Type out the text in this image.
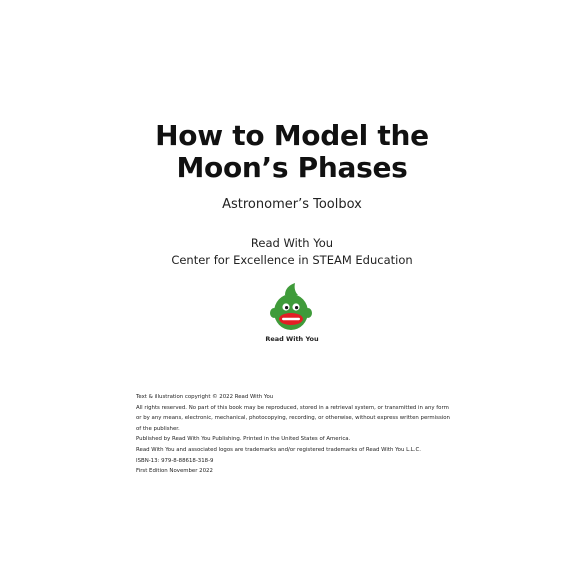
How to Model the
Moon’s Phases
Astronomer’s Toolbox
Read With You
Center for Excellence in STEAM Education
Read With You

Text & illustration copyright © 2022 Read With You

All rights reserved. No part of this book may be reproduced, stored in a retrieval system, or transmitted in any form or by any means, electronic, mechanical, photocopying, recording, or otherwise, without express written permission of the publisher.

Published by Read With You Publishing. Printed in the United States of America.

Read With You and associated logos are trademarks and/or registered trademarks of Read With You L.L.C.

ISBN-13: 979-8-88618-318-9

First Edition November 2022
